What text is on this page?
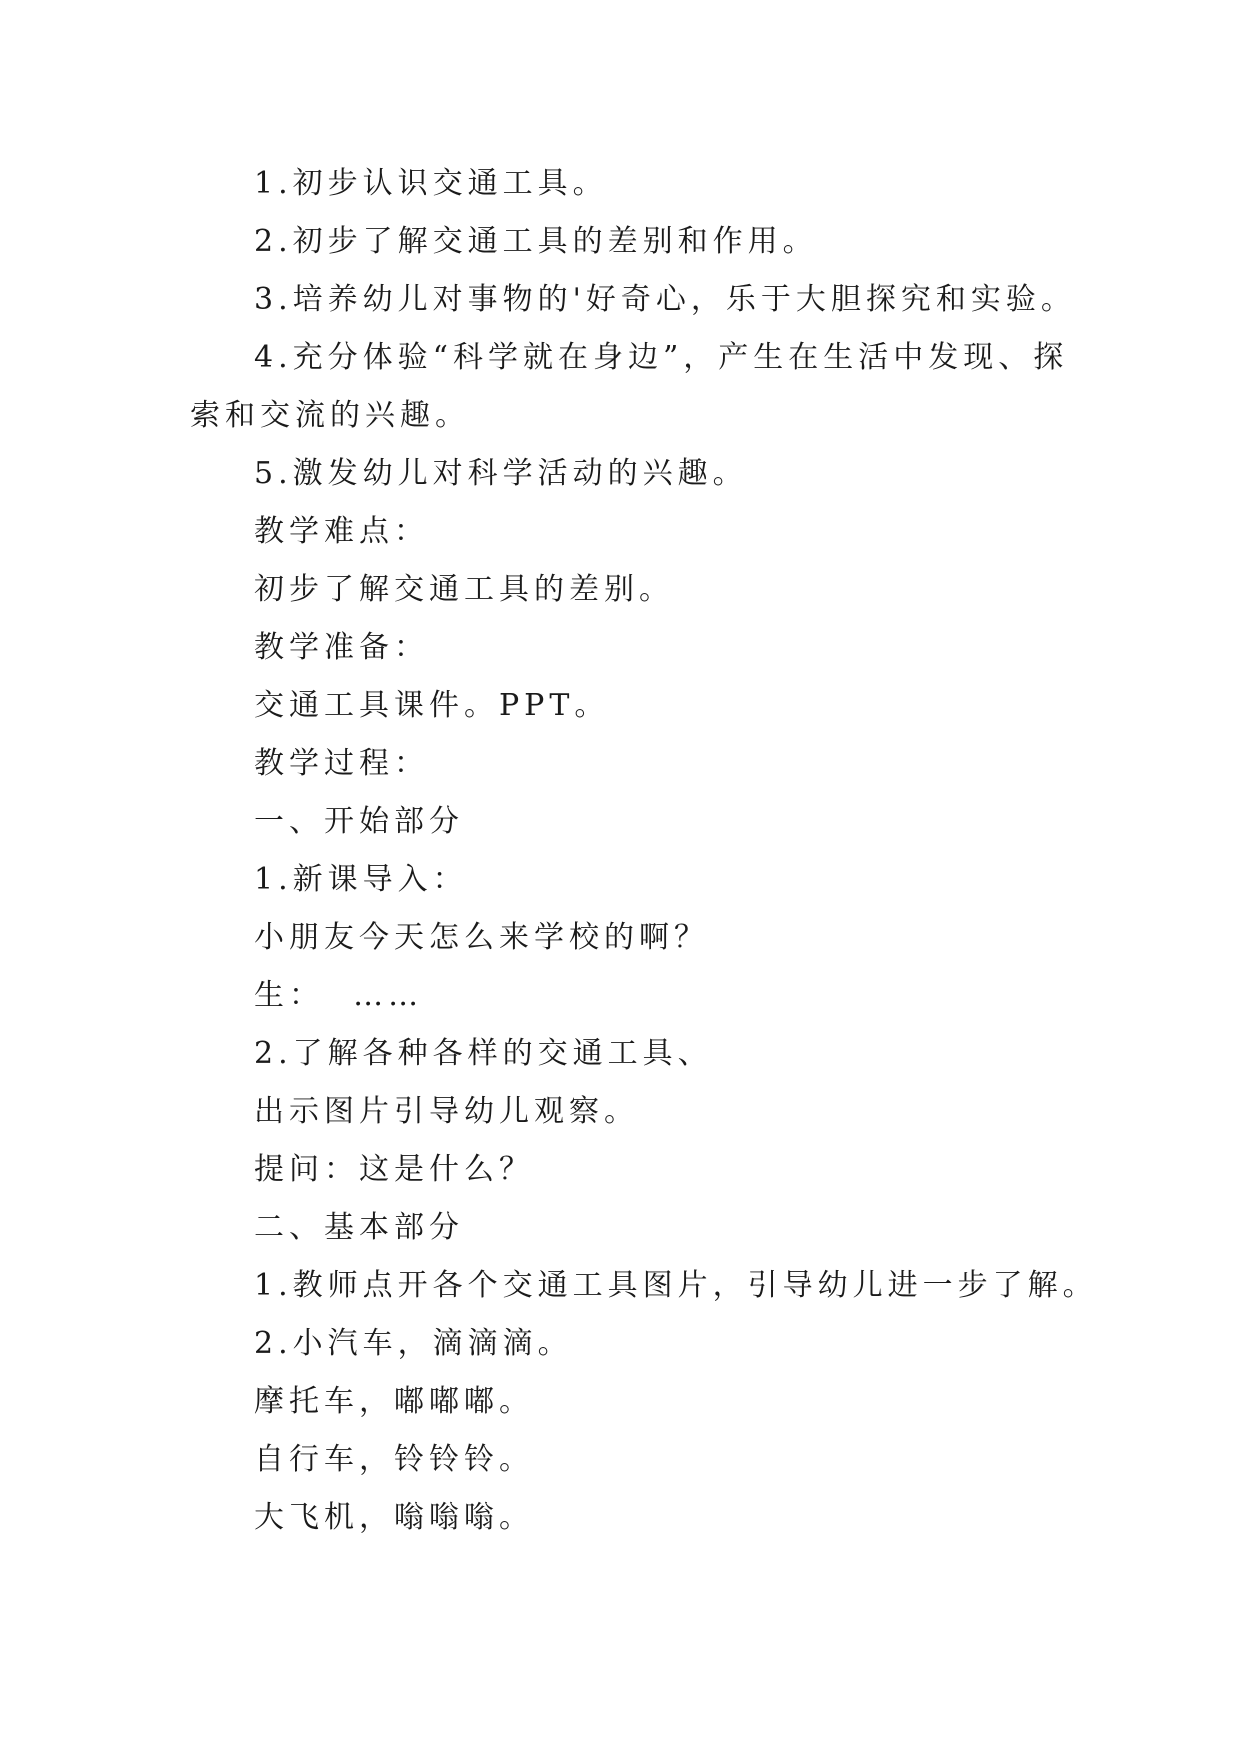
1.初步认识交通工具。

2.初步了解交通工具的差别和作用。

3.培养幼儿对事物的'好奇心，乐于大胆探究和实验。

4.充分体验“科学就在身边”，产生在生活中发现、探
索和交流的兴趣。

5.激发幼儿对科学活动的兴趣。

教学难点：

初步了解交通工具的差别。

教学准备：

交通工具课件。PPT。

教学过程：

一、开始部分

1.新课导入：

小朋友今天怎么来学校的啊？

生：  ……

2.了解各种各样的交通工具、

出示图片引导幼儿观察。

提问：这是什么？

二、基本部分

1.教师点开各个交通工具图片，引导幼儿进一步了解。

2.小汽车，滴滴滴。

摩托车，嘟嘟嘟。

自行车，铃铃铃。

大飞机，嗡嗡嗡。
